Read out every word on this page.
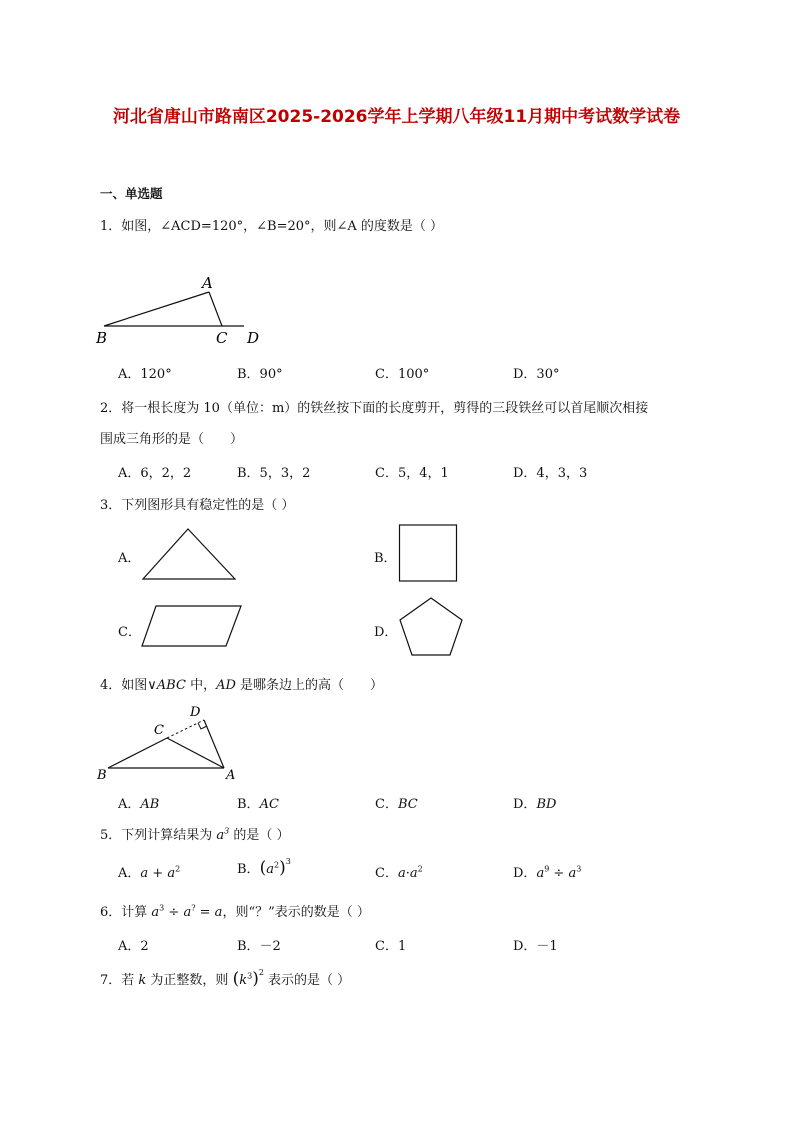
河北省唐山市路南区2025-2026学年上学期八年级11月期中考试数学试卷
一、单选题
1．如图，∠ACD=120°，∠B=20°，则∠A 的度数是（ ）
A
B	C D
A．120°	B．90°	C．100°	D．30°
2．将一根长度为 10（单位：m）的铁丝按下面的长度剪开，剪得的三段铁丝可以首尾顺次相接
围成三角形的是（　　）
A．6，2，2	B．5，3，2	C．5，4，1	D．4，3，3
3．下列图形具有稳定性的是（ ）
A．	B．
C．	D．
4．如图∨ABC 中，AD 是哪条边上的高（　　）
D
C
B	A
A．AB	B．AC	C．BC	D．BD
5．下列计算结果为 $a^3$ 的是（ ）
A．$a + a^2$	B．$(a^2)^3$
C．$a\cdot a^2$	D．$a^9 \div a^3$
6．计算 $a^3 \div a^? = a$，则“？”表示的数是（ ）
A．2	B．－2	C．1	D．－1
7．若 k 为正整数，则 $(k^3)^2$ 表示的是（ ）
